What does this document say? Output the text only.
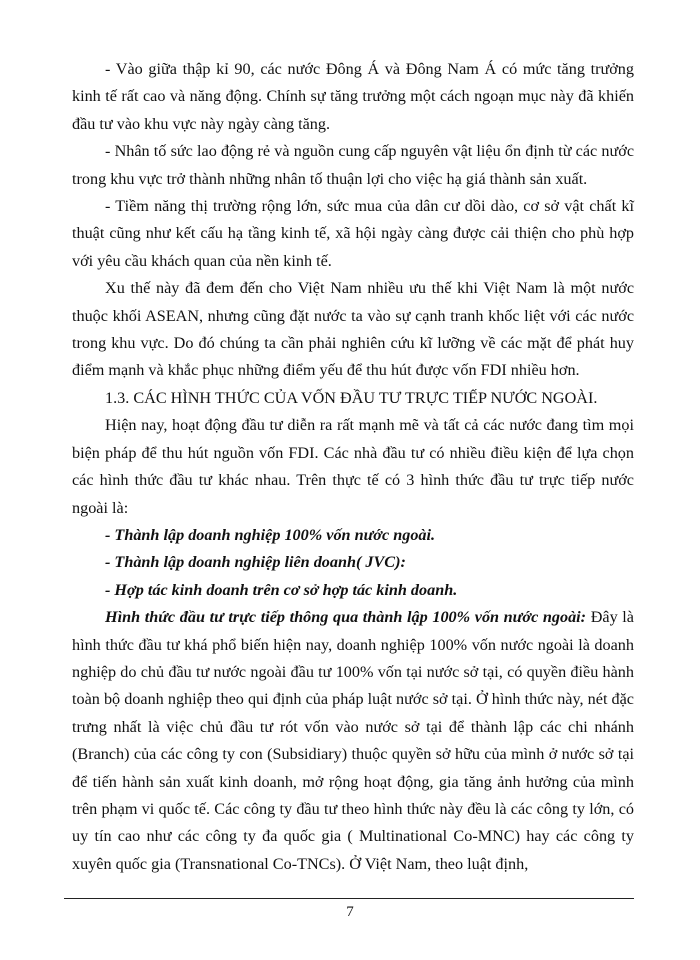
- Vào giữa thập kỉ 90, các nước Đông Á và Đông Nam Á có mức tăng trưởng kinh tế rất cao và năng động. Chính sự tăng trưởng một cách ngoạn mục này đã khiến đầu tư vào khu vực này ngày càng tăng.

- Nhân tố sức lao động rẻ và nguồn cung cấp nguyên vật liệu ổn định từ các nước trong khu vực trở thành những nhân tố thuận lợi cho việc hạ giá thành sản xuất.

- Tiềm năng thị trường rộng lớn, sức mua của dân cư dồi dào, cơ sở vật chất kĩ thuật cũng như kết cấu hạ tầng kinh tế, xã hội ngày càng được cải thiện cho phù hợp với yêu cầu khách quan của nền kinh tế.

Xu thế này đã đem đến cho Việt Nam nhiều ưu thế khi Việt Nam là một nước thuộc khối ASEAN, nhưng cũng đặt nước ta vào sự cạnh tranh khốc liệt với các nước trong khu vực. Do đó chúng ta cần phải nghiên cứu kĩ lưỡng về các mặt để phát huy điểm mạnh và khắc phục những điểm yếu để thu hút được vốn FDI nhiều hơn.

1.3. CÁC HÌNH THỨC CỦA VỐN ĐẦU TƯ TRỰC TIẾP NƯỚC NGOÀI.

Hiện nay, hoạt động đầu tư diễn ra rất mạnh mẽ và tất cả các nước đang tìm mọi biện pháp để thu hút nguồn vốn FDI. Các nhà đầu tư có nhiều điều kiện để lựa chọn các hình thức đầu tư khác nhau. Trên thực tế có 3 hình thức đầu tư trực tiếp nước ngoài là:

- Thành lập doanh nghiệp 100% vốn nước ngoài.

- Thành lập doanh nghiệp liên doanh( JVC):

- Hợp tác kinh doanh trên cơ sở hợp tác kinh doanh.

Hình thức đầu tư trực tiếp thông qua thành lập 100% vốn nước ngoài: Đây là hình thức đầu tư khá phổ biến hiện nay, doanh nghiệp 100% vốn nước ngoài là doanh nghiệp do chủ đầu tư nước ngoài đầu tư 100% vốn tại nước sở tại, có quyền điều hành toàn bộ doanh nghiệp theo qui định của pháp luật nước sở tại. Ở hình thức này, nét đặc trưng nhất là việc chủ đầu tư rót vốn vào nước sở tại để thành lập các chi nhánh (Branch) của các công ty con (Subsidiary) thuộc quyền sở hữu của mình ở nước sở tại để tiến hành sản xuất kinh doanh, mở rộng hoạt động, gia tăng ảnh hưởng của mình trên phạm vi quốc tế. Các công ty đầu tư theo hình thức này đều là các công ty lớn, có uy tín cao như các công ty đa quốc gia ( Multinational Co-MNC) hay các công ty xuyên quốc gia (Transnational Co-TNCs). Ở Việt Nam, theo luật định,

7
